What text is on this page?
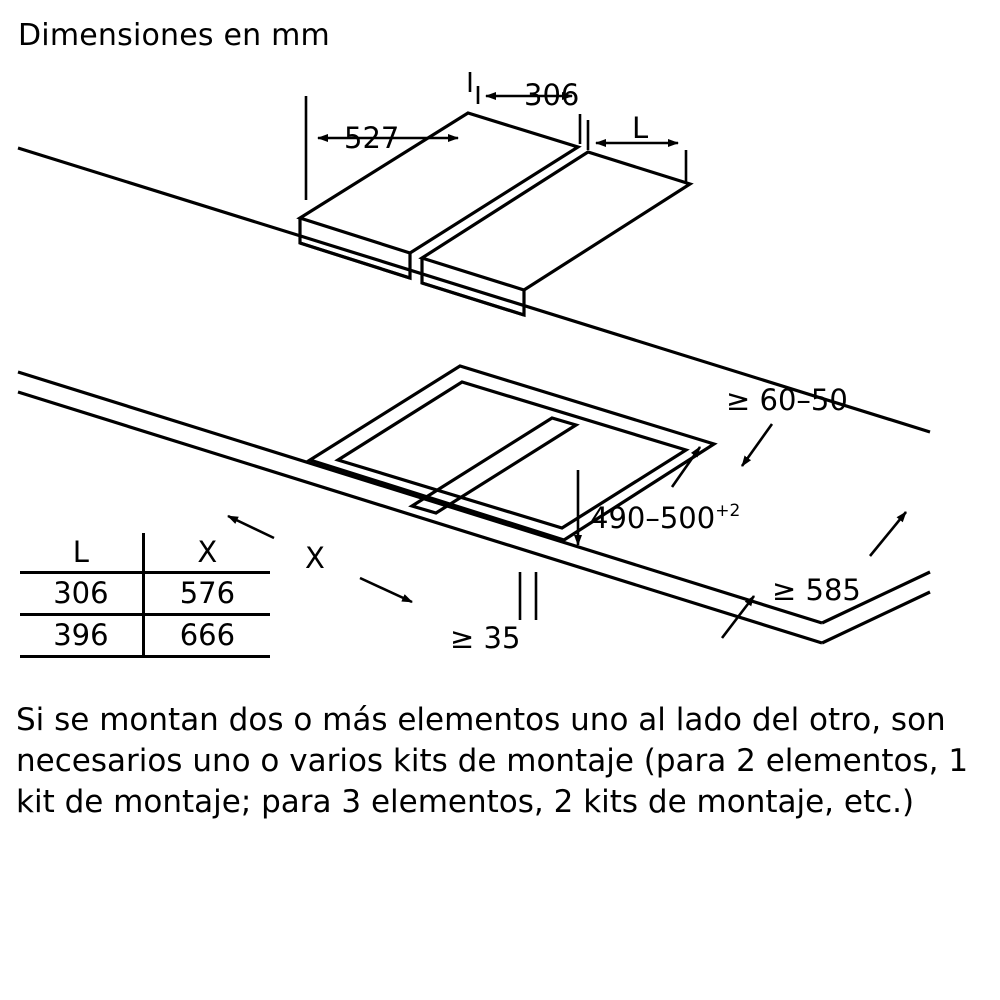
Dimensiones en mm
527
306
L
≥ 60–50
$490-500^{+2}$
≥ 585
X
≥ 35
L	X
306	576
396	666
Si se montan dos o más elementos uno al lado del otro, son necesarios uno o varios kits de montaje (para 2 elementos, 1 kit de montaje; para 3 elementos, 2 kits de montaje, etc.)
